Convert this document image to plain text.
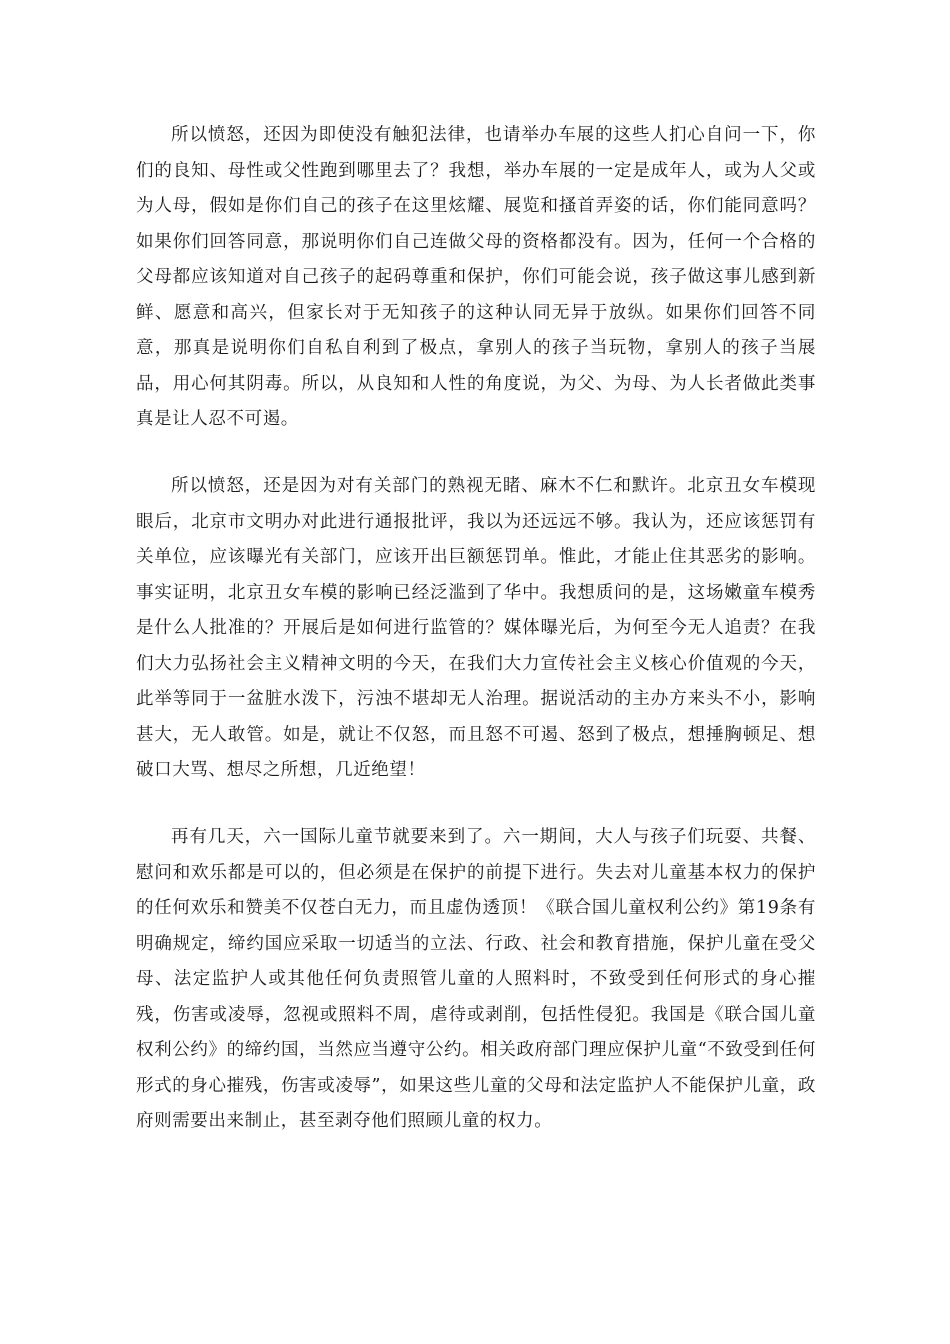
所以愤怒，还因为即使没有触犯法律，也请举办车展的这些人扪心自问一下，你们的良知、母性或父性跑到哪里去了？我想，举办车展的一定是成年人，或为人父或为人母，假如是你们自己的孩子在这里炫耀、展览和搔首弄姿的话，你们能同意吗？如果你们回答同意，那说明你们自己连做父母的资格都没有。因为，任何一个合格的父母都应该知道对自己孩子的起码尊重和保护，你们可能会说，孩子做这事儿感到新鲜、愿意和高兴，但家长对于无知孩子的这种认同无异于放纵。如果你们回答不同意，那真是说明你们自私自利到了极点，拿别人的孩子当玩物，拿别人的孩子当展品，用心何其阴毒。所以，从良知和人性的角度说，为父、为母、为人长者做此类事真是让人忍不可遏。

所以愤怒，还是因为对有关部门的熟视无睹、麻木不仁和默许。北京丑女车模现眼后，北京市文明办对此进行通报批评，我以为还远远不够。我认为，还应该惩罚有关单位，应该曝光有关部门，应该开出巨额惩罚单。惟此，才能止住其恶劣的影响。事实证明，北京丑女车模的影响已经泛滥到了华中。我想质问的是，这场嫩童车模秀是什么人批准的？开展后是如何进行监管的？媒体曝光后，为何至今无人追责？在我们大力弘扬社会主义精神文明的今天，在我们大力宣传社会主义核心价值观的今天，此举等同于一盆脏水泼下，污浊不堪却无人治理。据说活动的主办方来头不小，影响甚大，无人敢管。如是，就让不仅怒，而且怒不可遏、怒到了极点，想捶胸顿足、想破口大骂、想尽之所想，几近绝望！

再有几天，六一国际儿童节就要来到了。六一期间，大人与孩子们玩耍、共餐、慰问和欢乐都是可以的，但必须是在保护的前提下进行。失去对儿童基本权力的保护的任何欢乐和赞美不仅苍白无力，而且虚伪透顶！《联合国儿童权利公约》第19条有明确规定，缔约国应采取一切适当的立法、行政、社会和教育措施，保护儿童在受父母、法定监护人或其他任何负责照管儿童的人照料时，不致受到任何形式的身心摧残，伤害或凌辱，忽视或照料不周，虐待或剥削，包括性侵犯。我国是《联合国儿童权利公约》的缔约国，当然应当遵守公约。相关政府部门理应保护儿童“不致受到任何形式的身心摧残，伤害或凌辱”，如果这些儿童的父母和法定监护人不能保护儿童，政府则需要出来制止，甚至剥夺他们照顾儿童的权力。
